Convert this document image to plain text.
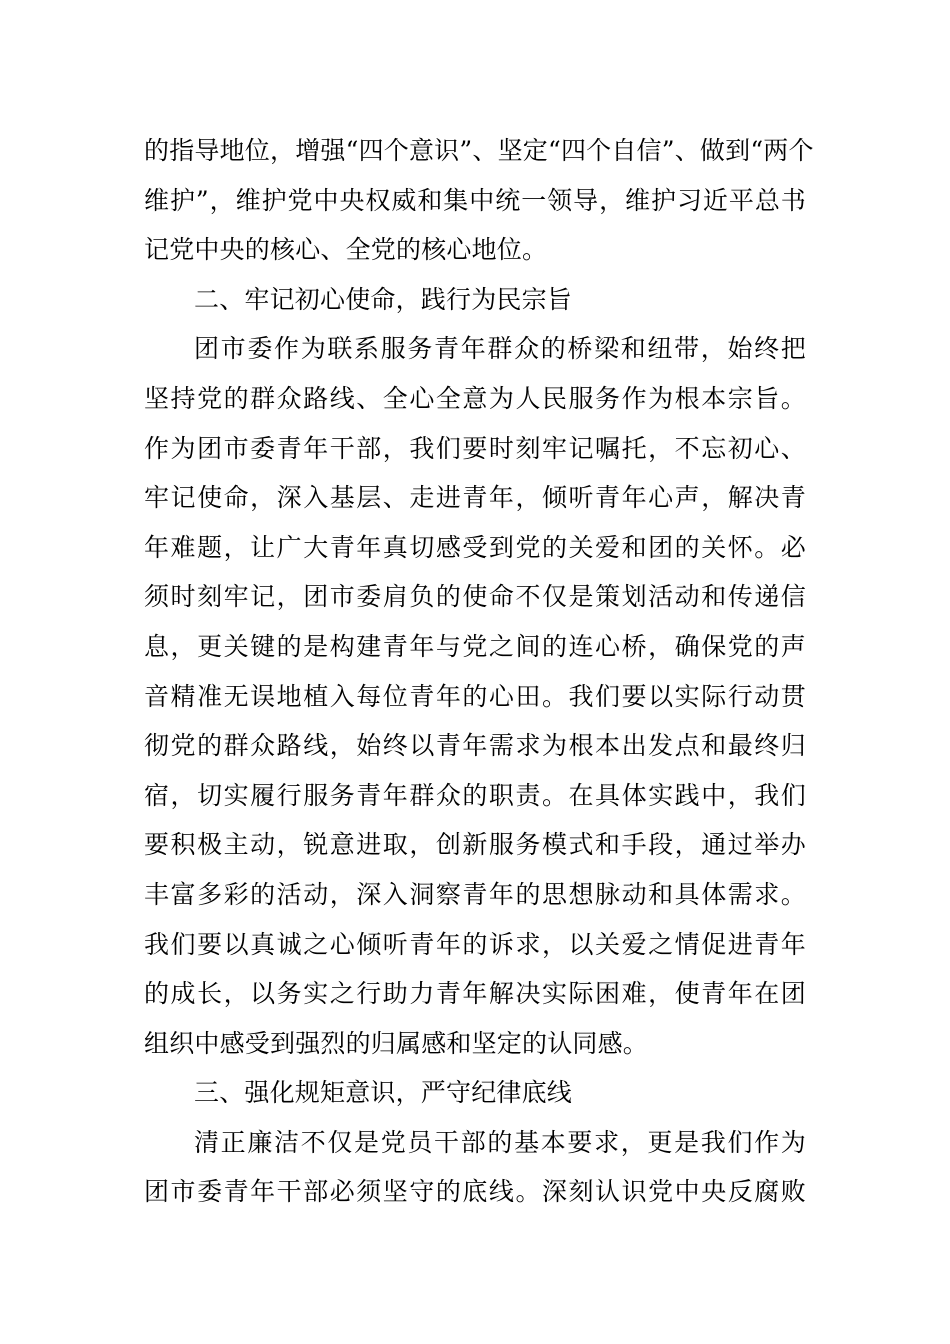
的指导地位，增强“四个意识”、坚定“四个自信”、做到“两个
维护”，维护党中央权威和集中统一领导，维护习近平总书
记党中央的核心、全党的核心地位。
二、牢记初心使命，践行为民宗旨
团市委作为联系服务青年群众的桥梁和纽带，始终把
坚持党的群众路线、全心全意为人民服务作为根本宗旨。
作为团市委青年干部，我们要时刻牢记嘱托，不忘初心、
牢记使命，深入基层、走进青年，倾听青年心声，解决青
年难题，让广大青年真切感受到党的关爱和团的关怀。必
须时刻牢记，团市委肩负的使命不仅是策划活动和传递信
息，更关键的是构建青年与党之间的连心桥，确保党的声
音精准无误地植入每位青年的心田。我们要以实际行动贯
彻党的群众路线，始终以青年需求为根本出发点和最终归
宿，切实履行服务青年群众的职责。在具体实践中，我们
要积极主动，锐意进取，创新服务模式和手段，通过举办
丰富多彩的活动，深入洞察青年的思想脉动和具体需求。
我们要以真诚之心倾听青年的诉求，以关爱之情促进青年
的成长，以务实之行助力青年解决实际困难，使青年在团
组织中感受到强烈的归属感和坚定的认同感。
三、强化规矩意识，严守纪律底线
清正廉洁不仅是党员干部的基本要求，更是我们作为
团市委青年干部必须坚守的底线。深刻认识党中央反腐败
